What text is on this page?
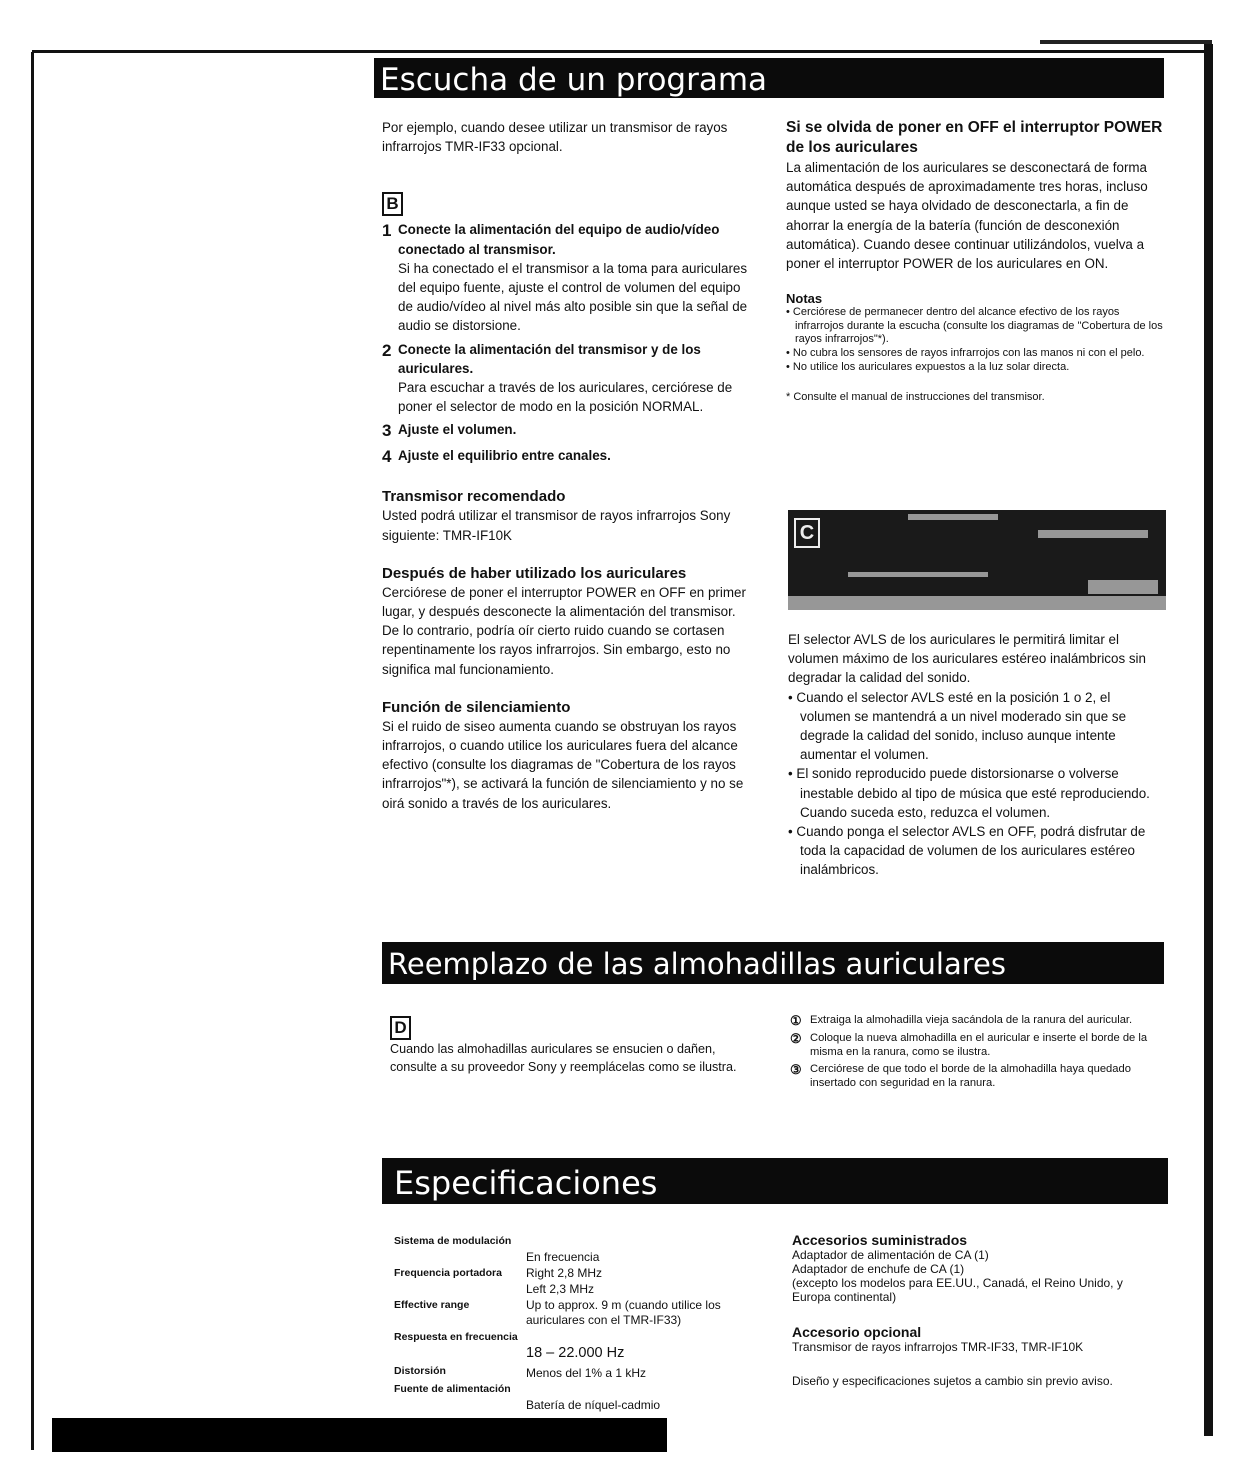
Escucha de un programa

Por ejemplo, cuando desee utilizar un transmisor de rayos infrarrojos TMR-IF33 opcional.

B
1 Conecte la alimentación del equipo de audio/vídeo conectado al transmisor.

Si ha conectado el el transmisor a la toma para auriculares del equipo fuente, ajuste el control de volumen del equipo de audio/vídeo al nivel más alto posible sin que la señal de audio se distorsione.

2 Conecte la alimentación del transmisor y de los auriculares.

Para escuchar a través de los auriculares, cerciórese de poner el selector de modo en la posición NORMAL.

3 Ajuste el volumen.

4 Ajuste el equilibrio entre canales.

Transmisor recomendado

Usted podrá utilizar el transmisor de rayos infrarrojos Sony siguiente: TMR-IF10K

Después de haber utilizado los auriculares

Cerciórese de poner el interruptor POWER en OFF en primer lugar, y después desconecte la alimentación del transmisor. De lo contrario, podría oír cierto ruido cuando se cortasen repentinamente los rayos infrarrojos. Sin embargo, esto no significa mal funcionamiento.

Función de silenciamiento

Si el ruido de siseo aumenta cuando se obstruyan los rayos infrarrojos, o cuando utilice los auriculares fuera del alcance efectivo (consulte los diagramas de "Cobertura de los rayos infrarrojos"*), se activará la función de silenciamiento y no se oirá sonido a través de los auriculares.

Si se olvida de poner en OFF el interruptor POWER de los auriculares

La alimentación de los auriculares se desconectará de forma automática después de aproximadamente tres horas, incluso aunque usted se haya olvidado de desconectarla, a fin de ahorrar la energía de la batería (función de desconexión automática). Cuando desee continuar utilizándolos, vuelva a poner el interruptor POWER de los auriculares en ON.

Notas

• Cerciórese de permanecer dentro del alcance efectivo de los rayos infrarrojos durante la escucha (consulte los diagramas de "Cobertura de los rayos infrarrojos"*).
• No cubra los sensores de rayos infrarrojos con las manos ni con el pelo.
• No utilice los auriculares expuestos a la luz solar directa.

* Consulte el manual de instrucciones del transmisor.

C

El selector AVLS de los auriculares le permitirá limitar el volumen máximo de los auriculares estéreo inalámbricos sin degradar la calidad del sonido.

• Cuando el selector AVLS esté en la posición 1 o 2, el volumen se mantendrá a un nivel moderado sin que se degrade la calidad del sonido, incluso aunque intente aumentar el volumen.
• El sonido reproducido puede distorsionarse o volverse inestable debido al tipo de música que esté reproduciendo. Cuando suceda esto, reduzca el volumen.
• Cuando ponga el selector AVLS en OFF, podrá disfrutar de toda la capacidad de volumen de los auriculares estéreo inalámbricos.
Reemplazo de las almohadillas auriculares
D

Cuando las almohadillas auriculares se ensucien o dañen, consulte a su proveedor Sony y reemplácelas como se ilustra.

① Extraiga la almohadilla vieja sacándola de la ranura del auricular.
② Coloque la nueva almohadilla en el auricular e inserte el borde de la misma en la ranura, como se ilustra.
③ Cerciórese de que todo el borde de la almohadilla haya quedado insertado con seguridad en la ranura.
Especificaciones
Sistema de modulación
En frecuencia
Frequencia portadora Right 2,8 MHz
Left 2,3 MHz
Effective range	Up to approx. 9 m (cuando utilice los
auriculares con el TMR-IF33)
Respuesta en frecuencia
18 – 22.000 Hz
Distorsión	Menos del 1% a 1 kHz
Fuente de alimentación
Batería de níquel-cadmio

Accesorios suministrados

Adaptador de alimentación de CA (1)

Adaptador de enchufe de CA (1)

(excepto los modelos para EE.UU., Canadá, el Reino Unido, y Europa continental)

Accesorio opcional

Transmisor de rayos infrarrojos TMR-IF33, TMR-IF10K

Diseño y especificaciones sujetos a cambio sin previo aviso.
